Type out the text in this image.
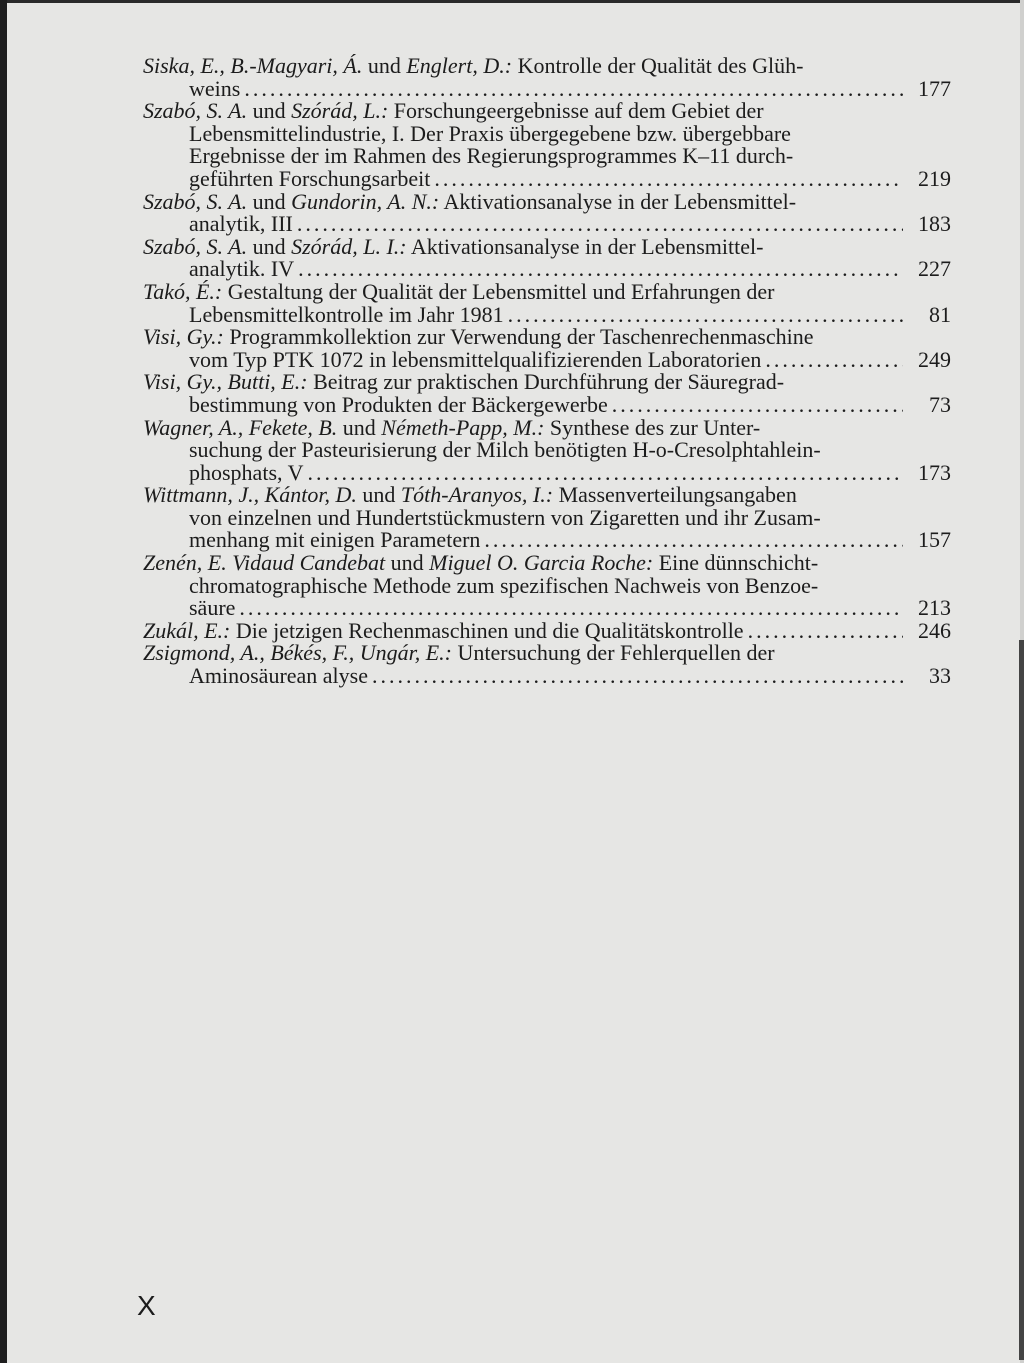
Siska, E., B.-Magyari, Á. und Englert, D.: Kontrolle der Qualität des Glüh-
weins .....	177
Szabó, S. A. und Szórád, L.: Forschungeergebnisse auf dem Gebiet der
Lebensmittelindustrie, I. Der Praxis übergegebene bzw. übergebbare
Ergebnisse der im Rahmen des Regierungsprogrammes K–11 durch-
geführten Forschungsarbeit .....	219
Szabó, S. A. und Gundorin, A. N.: Aktivationsanalyse in der Lebensmittel-
analytik, III .....	183
Szabó, S. A. und Szórád, L. I.: Aktivationsanalyse in der Lebensmittel-
analytik. IV .....	227
Takó, É.: Gestaltung der Qualität der Lebensmittel und Erfahrungen der
Lebensmittelkontrolle im Jahr 1981 .....	81
Visi, Gy.: Programmkollektion zur Verwendung der Taschenrechenmaschine
vom Typ PTK 1072 in lebensmittelqualifizierenden Laboratorien .....	249
Visi, Gy., Butti, E.: Beitrag zur praktischen Durchführung der Säuregrad-
bestimmung von Produkten der Bäckergewerbe .....	73
Wagner, A., Fekete, B. und Németh-Papp, M.: Synthese des zur Unter-
suchung der Pasteurisierung der Milch benötigten H-o-Cresolphtahlein-
phosphats, V .....	173
Wittmann, J., Kántor, D. und Tóth-Aranyos, I.: Massenverteilungsangaben
von einzelnen und Hundertstückmustern von Zigaretten und ihr Zusam-
menhang mit einigen Parametern .....	157
Zenén, E. Vidaud Candebat und Miguel O. Garcia Roche: Eine dünnschicht-
chromatographische Methode zum spezifischen Nachweis von Benzoe-
säure .....	213
Zukál, E.: Die jetzigen Rechenmaschinen und die Qualitätskontrolle .....	246
Zsigmond, A., Békés, F., Ungár, E.: Untersuchung der Fehlerquellen der
Aminosäurean alyse .....	33
X
